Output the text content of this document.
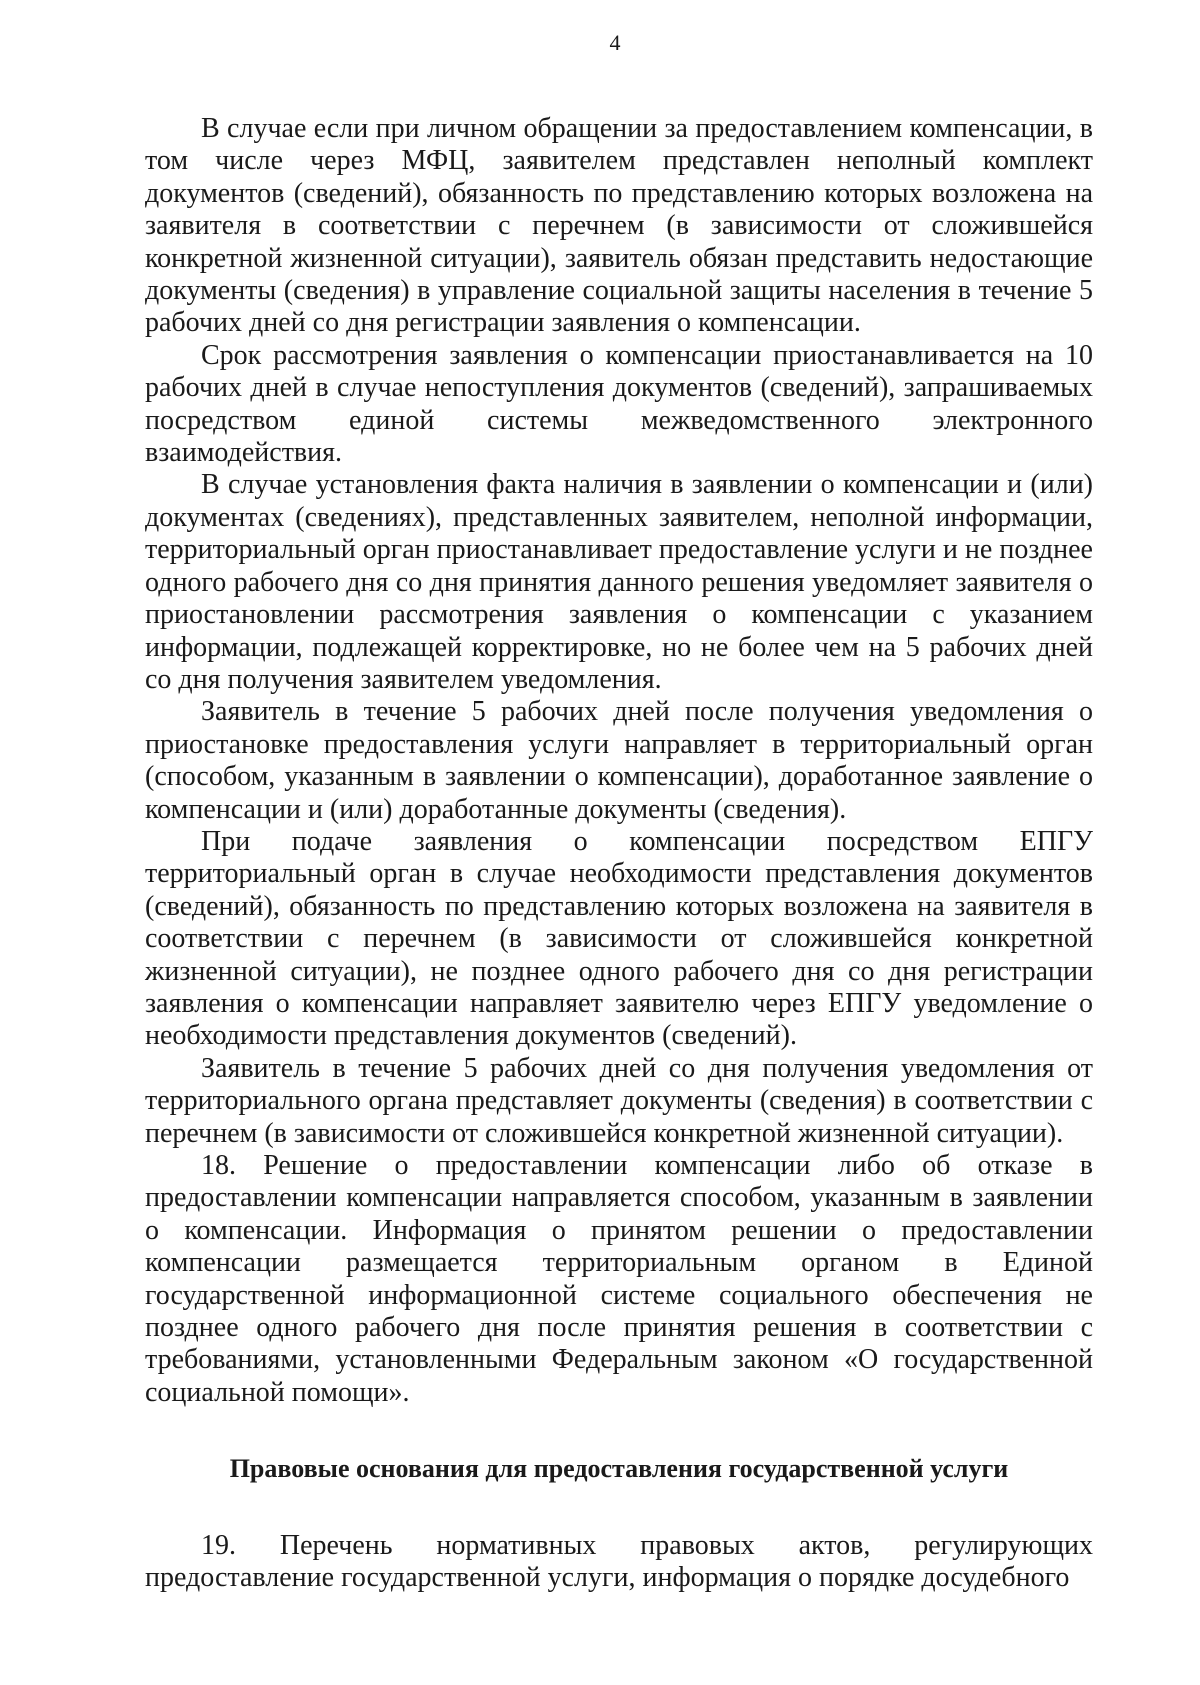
4

В случае если при личном обращении за предоставлением компенсации, в том числе через МФЦ, заявителем представлен неполный комплект документов (сведений), обязанность по представлению которых возложена на заявителя в соответствии с перечнем (в зависимости от сложившейся конкретной жизненной ситуации), заявитель обязан представить недостающие документы (сведения) в управление социальной защиты населения в течение 5 рабочих дней со дня регистрации заявления о компенсации.

Срок рассмотрения заявления о компенсации приостанавливается на 10 рабочих дней в случае непоступления документов (сведений), запрашиваемых посредством единой системы межведомственного электронного взаимодействия.

В случае установления факта наличия в заявлении о компенсации и (или) документах (сведениях), представленных заявителем, неполной информации, территориальный орган приостанавливает предоставление услуги и не позднее одного рабочего дня со дня принятия данного решения уведомляет заявителя о приостановлении рассмотрения заявления о компенсации с указанием информации, подлежащей корректировке, но не более чем на 5 рабочих дней со дня получения заявителем уведомления.

Заявитель в течение 5 рабочих дней после получения уведомления о приостановке предоставления услуги направляет в территориальный орган (способом, указанным в заявлении о компенсации), доработанное заявление о компенсации и (или) доработанные документы (сведения).

При подаче заявления о компенсации посредством ЕПГУ территориальный орган в случае необходимости представления документов (сведений), обязанность по представлению которых возложена на заявителя в соответствии с перечнем (в зависимости от сложившейся конкретной жизненной ситуации), не позднее одного рабочего дня со дня регистрации заявления о компенсации направляет заявителю через ЕПГУ уведомление о необходимости представления документов (сведений).

Заявитель в течение 5 рабочих дней со дня получения уведомления от территориального органа представляет документы (сведения) в соответствии с перечнем (в зависимости от сложившейся конкретной жизненной ситуации).

18. Решение о предоставлении компенсации либо об отказе в предоставлении компенсации направляется способом, указанным в заявлении о компенсации. Информация о принятом решении о предоставлении компенсации размещается территориальным органом в Единой государственной информационной системе социального обеспечения не позднее одного рабочего дня после принятия решения в соответствии с требованиями, установленными Федеральным законом «О государственной социальной помощи».

Правовые основания для предоставления государственной услуги

19. Перечень нормативных правовых актов, регулирующих предоставление государственной услуги, информация о порядке досудебного
